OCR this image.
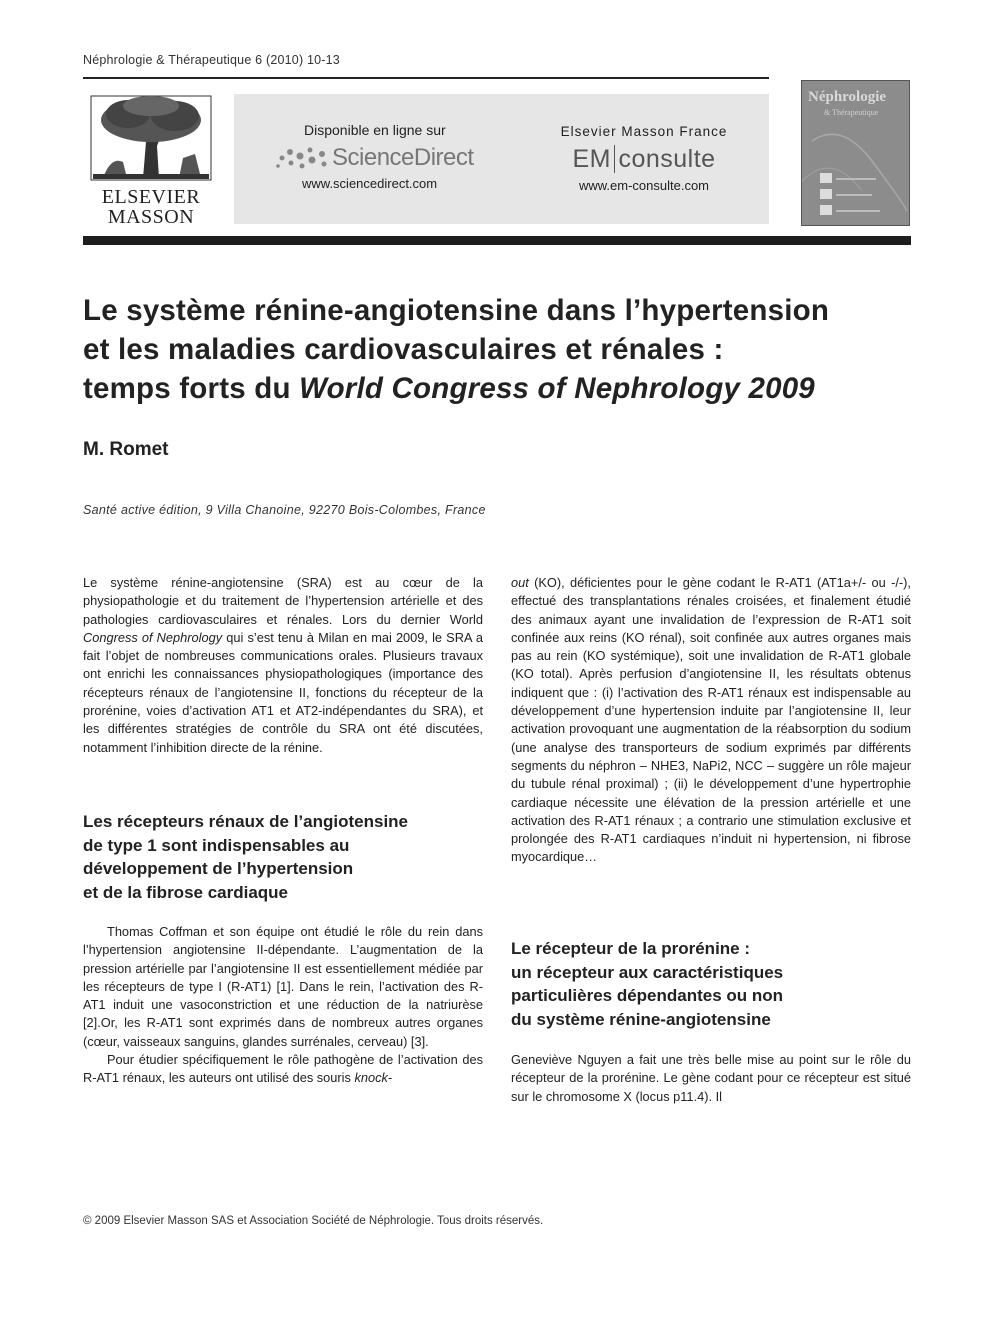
Néphrologie & Thérapeutique 6 (2010) 10-13
ELSEVIER
MASSON
Disponible en ligne sur
ScienceDirect
www.sciencedirect.com
Elsevier Masson France
EM consulte
www.em-consulte.com
Néphrologie
& Thérapeutique
Le système rénine-angiotensine dans l’hypertension
et les maladies cardiovasculaires et rénales :
temps forts du World Congress of Nephrology 2009
M. Romet
Santé active édition, 9 Villa Chanoine, 92270 Bois-Colombes, France

Le système rénine-angiotensine (SRA) est au cœur de la physiopathologie et du traitement de l’hypertension artérielle et des pathologies cardiovasculaires et rénales. Lors du dernier World Congress of Nephrology qui s’est tenu à Milan en mai 2009, le SRA a fait l’objet de nombreuses communications orales. Plusieurs travaux ont enrichi les connaissances physiopathologiques (importance des récepteurs rénaux de l’angiotensine II, fonctions du récepteur de la prorénine, voies d’activation AT1 et AT2-indépendantes du SRA), et les différentes stratégies de contrôle du SRA ont été discutées, notamment l’inhibition directe de la rénine.

Les récepteurs rénaux de l’angiotensine
de type 1 sont indispensables au
développement de l’hypertension
et de la fibrose cardiaque

Thomas Coffman et son équipe ont étudié le rôle du rein dans l’hypertension angiotensine II-dépendante. L’augmentation de la pression artérielle par l’angiotensine II est essentiellement médiée par les récepteurs de type I (R-AT1) [1]. Dans le rein, l’activation des R-AT1 induit une vasoconstriction et une réduction de la natriurèse [2].Or, les R-AT1 sont exprimés dans de nombreux autres organes (cœur, vaisseaux sanguins, glandes surrénales, cerveau) [3].

Pour étudier spécifiquement le rôle pathogène de l’activation des R-AT1 rénaux, les auteurs ont utilisé des souris knock-

out (KO), déficientes pour le gène codant le R-AT1 (AT1a+/- ou -/-), effectué des transplantations rénales croisées, et finalement étudié des animaux ayant une invalidation de l’expression de R-AT1 soit confinée aux reins (KO rénal), soit confinée aux autres organes mais pas au rein (KO systémique), soit une invalidation de R-AT1 globale (KO total). Après perfusion d’angiotensine II, les résultats obtenus indiquent que : (i) l’activation des R-AT1 rénaux est indispensable au développement d’une hypertension induite par l’angiotensine II, leur activation provoquant une augmentation de la réabsorption du sodium (une analyse des transporteurs de sodium exprimés par différents segments du néphron – NHE3, NaPi2, NCC – suggère un rôle majeur du tubule rénal proximal) ; (ii) le développement d’une hypertrophie cardiaque nécessite une élévation de la pression artérielle et une activation des R-AT1 rénaux ; a contrario une stimulation exclusive et prolongée des R-AT1 cardiaques n’induit ni hypertension, ni fibrose myocardique…

Le récepteur de la prorénine :
un récepteur aux caractéristiques
particulières dépendantes ou non
du système rénine-angiotensine
Geneviève Nguyen a fait une très belle mise au point sur le rôle du récepteur de la prorénine. Le gène codant pour ce récepteur est situé sur le chromosome X (locus p11.4). Il
© 2009 Elsevier Masson SAS et Association Société de Néphrologie. Tous droits réservés.
